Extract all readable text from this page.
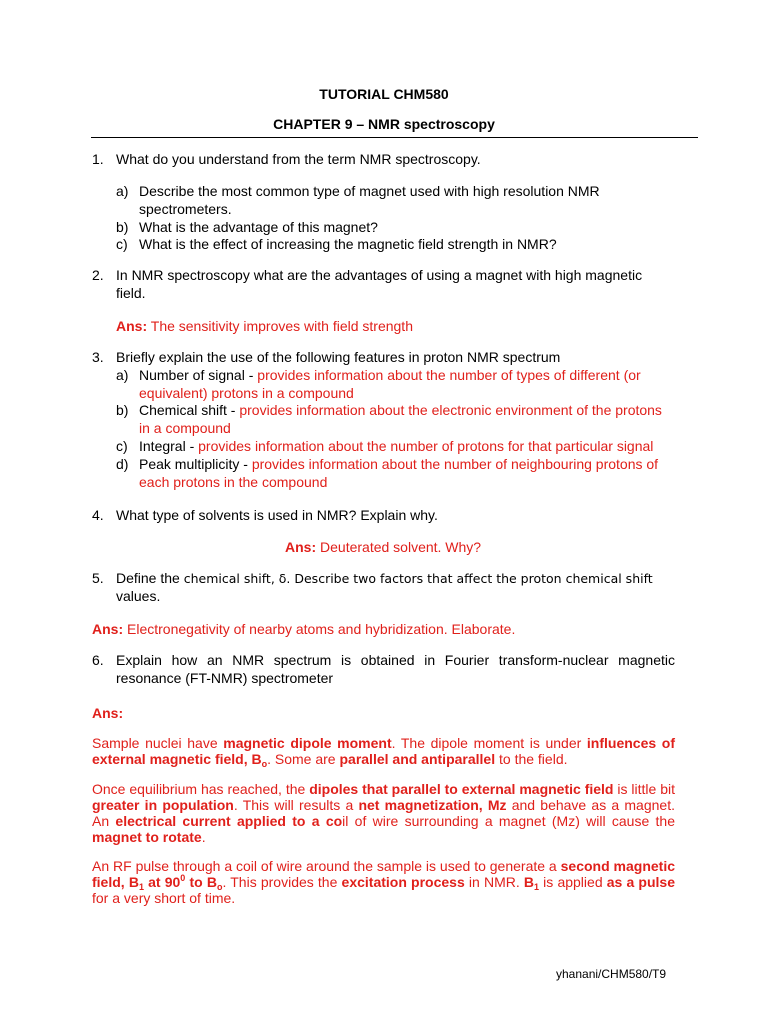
TUTORIAL CHM580
CHAPTER 9 – NMR spectroscopy
1. What do you understand from the term NMR spectroscopy.
a) Describe the most common type of magnet used with high resolution NMR
spectrometers.
b) What is the advantage of this magnet?
c) What is the effect of increasing the magnetic field strength in NMR?
2. In NMR spectroscopy what are the advantages of using a magnet with high magnetic
field.
Ans: The sensitivity improves with field strength
3. Briefly explain the use of the following features in proton NMR spectrum
a) Number of signal - provides information about the number of types of different (or
equivalent) protons in a compound
b) Chemical shift - provides information about the electronic environment of the protons
in a compound
c) Integral - provides information about the number of protons for that particular signal
d) Peak multiplicity - provides information about the number of neighbouring protons of
each protons in the compound
4. What type of solvents is used in NMR? Explain why.
Ans: Deuterated solvent. Why?
5. Define the chemical shift, δ. Describe two factors that affect the proton chemical shift
values.
Ans: Electronegativity of nearby atoms and hybridization. Elaborate.
6. Explain how an NMR spectrum is obtained in Fourier transform-nuclear magnetic
resonance (FT-NMR) spectrometer
Ans:
Sample nuclei have magnetic dipole moment. The dipole moment is under influences of external magnetic field, $B_o$. Some are parallel and antiparallel to the field.
Once equilibrium has reached, the dipoles that parallel to external magnetic field is little bit greater in population. This will results a net magnetization, Mz and behave as a magnet. An electrical current applied to a coil of wire surrounding a magnet (Mz) will cause the magnet to rotate.
An RF pulse through a coil of wire around the sample is used to generate a second magnetic field, $B_1$ at $90^0$ to $B_o$. This provides the excitation process in NMR. $B_1$ is applied as a pulse for a very short of time.
yhanani/CHM580/T9
